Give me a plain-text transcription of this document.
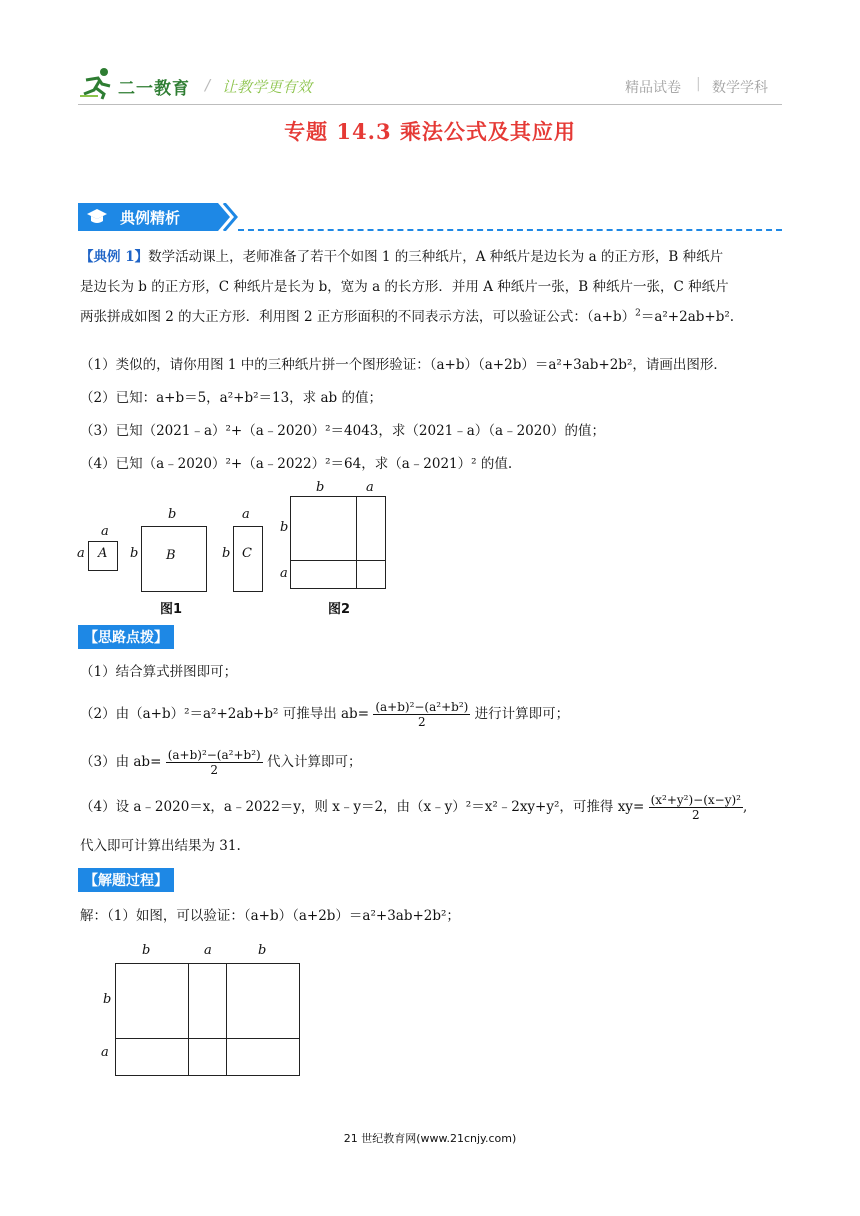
二一教育 / 让教学更有效	精品试卷 | 数学学科
专题 14.3 乘法公式及其应用
典例精析
【典例 1】数学活动课上，老师准备了若干个如图 1 的三种纸片，A 种纸片是边长为 a 的正方形，B 种纸片
是边长为 b 的正方形，C 种纸片是长为 b，宽为 a 的长方形．并用 A 种纸片一张，B 种纸片一张，C 种纸片
两张拼成如图 2 的大正方形．利用图 2 正方形面积的不同表示方法，可以验证公式：$(a+b)^2=a^2+2ab+b^2$.
（1）类似的，请你用图 1 中的三种纸片拼一个图形验证：（a+b）（a+2b）＝a²+3ab+2b²，请画出图形．
（2）已知：a+b＝5，a²+b²＝13，求 ab 的值；
（3）已知（2021﹣a）²+（a﹣2020）²＝4043，求（2021﹣a）（a﹣2020）的值；
（4）已知（a﹣2020）²+（a﹣2022）²＝64，求（a﹣2021）² 的值.
a
a A
b
b B
a
b C
图1
b	a
b
a
图2
【思路点拨】
（1）结合算式拼图即可；
（2）由（a+b）²＝a²+2ab+b² 可推导出 $ab= \frac{\text{(a+b)²−(a²+b²)}}{2}$ 进行计算即可；
（3）由 $ab= \frac{\text{(a+b)²−(a²+b²)}}{2}$ 代入计算即可；
（4）设 a﹣2020＝x，a﹣2022＝y，则 x﹣y＝2，由（x﹣y）²＝x²﹣2xy+y²，可推得 $xy= \frac{\text{(x²+y²)−(x−y)²}}{2}$ ,
代入即可计算出结果为 31.
【解题过程】
解：（1）如图，可以验证：（a+b）（a+2b）＝a²+3ab+2b²；
b	a	b
b
a
21 世纪教育网(www.21cnjy.com)
